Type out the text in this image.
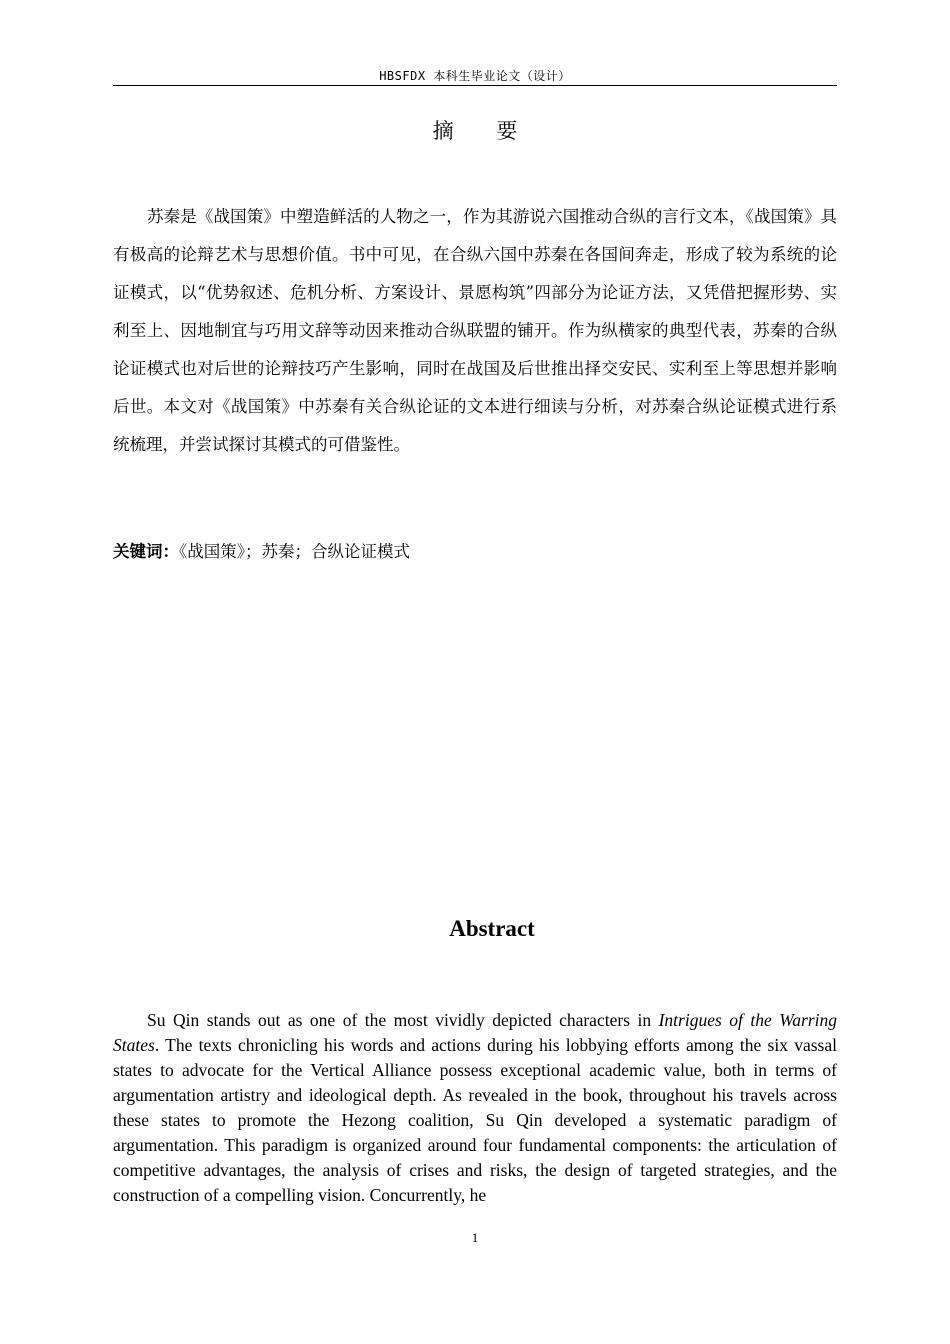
HBSFDX 本科生毕业论文（设计）
摘 要

苏秦是《战国策》中塑造鲜活的人物之一，作为其游说六国推动合纵的言行文本，《战国策》具有极高的论辩艺术与思想价值。书中可见，在合纵六国中苏秦在各国间奔走，形成了较为系统的论证模式，以“优势叙述、危机分析、方案设计、景愿构筑”四部分为论证方法，又凭借把握形势、实利至上、因地制宜与巧用文辞等动因来推动合纵联盟的铺开。作为纵横家的典型代表，苏秦的合纵论证模式也对后世的论辩技巧产生影响，同时在战国及后世推出择交安民、实利至上等思想并影响后世。本文对《战国策》中苏秦有关合纵论证的文本进行细读与分析，对苏秦合纵论证模式进行系统梳理，并尝试探讨其模式的可借鉴性。

关键词：《战国策》；苏秦；合纵论证模式
Abstract

Su Qin stands out as one of the most vividly depicted characters in Intrigues of the Warring States. The texts chronicling his words and actions during his lobbying efforts among the six vassal states to advocate for the Vertical Alliance possess exceptional academic value, both in terms of argumentation artistry and ideological depth. As revealed in the book, throughout his travels across these states to promote the Hezong coalition, Su Qin developed a systematic paradigm of argumentation. This paradigm is organized around four fundamental components: the articulation of competitive advantages, the analysis of crises and risks, the design of targeted strategies, and the construction of a compelling vision. Concurrently, he

1
